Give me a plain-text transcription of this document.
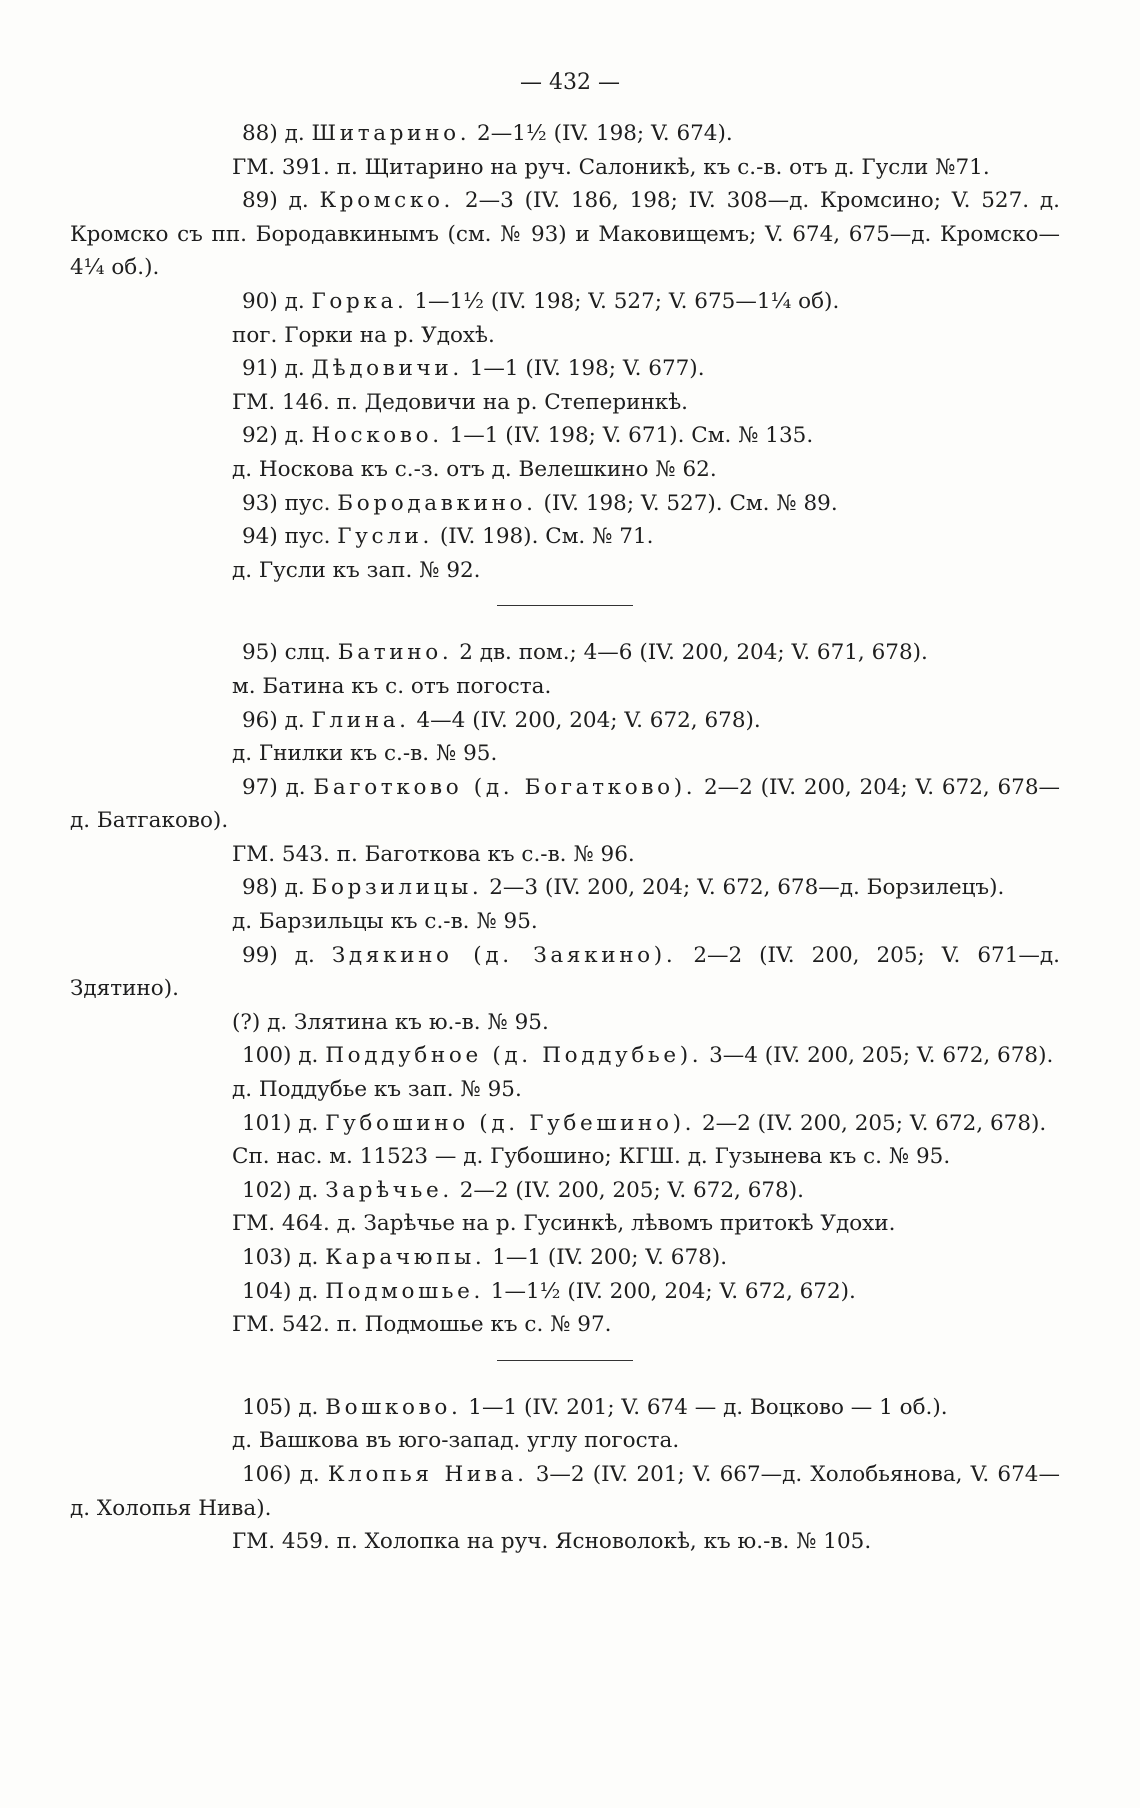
— 432 —

88) д. Шитарино. 2—1½ (IV. 198; V. 674).

ГМ. 391. п. Щитарино на руч. Салоникѣ, къ с.-в. отъ д. Гусли №71.

89) д. Кромско. 2—3 (IV. 186, 198; IV. 308—д. Кромсино; V. 527. д. Кромско съ пп. Бородавкинымъ (см. № 93) и Маковищемъ; V. 674, 675—д. Кромско—4¼ об.).

90) д. Горка. 1—1½ (IV. 198; V. 527; V. 675—1¼ об).

пог. Горки на р. Удохѣ.

91) д. Дѣдовичи. 1—1 (IV. 198; V. 677).

ГМ. 146. п. Дедовичи на р. Степеринкѣ.

92) д. Носково. 1—1 (IV. 198; V. 671). См. № 135.

д. Носкова къ с.-з. отъ д. Велешкино № 62.

93) пус. Бородавкино. (IV. 198; V. 527). См. № 89.

94) пус. Гусли. (IV. 198). См. № 71.

д. Гусли къ зап. № 92.

95) слц. Батино. 2 дв. пом.; 4—6 (IV. 200, 204; V. 671, 678).

м. Батина къ с. отъ погоста.

96) д. Глина. 4—4 (IV. 200, 204; V. 672, 678).

д. Гнилки къ с.-в. № 95.

97) д. Баготково (д. Богатково). 2—2 (IV. 200, 204; V. 672, 678—д. Батгаково).

ГМ. 543. п. Баготкова къ с.-в. № 96.

98) д. Борзилицы. 2—3 (IV. 200, 204; V. 672, 678—д. Борзилецъ).

д. Барзильцы къ с.-в. № 95.

99) д. Здякино (д. Заякино). 2—2 (IV. 200, 205; V. 671—д. Здятино).

(?) д. Злятина къ ю.-в. № 95.

100) д. Поддубное (д. Поддубье). 3—4 (IV. 200, 205; V. 672, 678).

д. Поддубье къ зап. № 95.

101) д. Губошино (д. Губешино). 2—2 (IV. 200, 205; V. 672, 678).

Сп. нас. м. 11523 — д. Губошино; КГШ. д. Гузынева къ с. № 95.

102) д. Зарѣчье. 2—2 (IV. 200, 205; V. 672, 678).

ГМ. 464. д. Зарѣчье на р. Гусинкѣ, лѣвомъ притокѣ Удохи.

103) д. Карачюпы. 1—1 (IV. 200; V. 678).

104) д. Подмошье. 1—1½ (IV. 200, 204; V. 672, 672).

ГМ. 542. п. Подмошье къ с. № 97.

105) д. Вошково. 1—1 (IV. 201; V. 674 — д. Воцково — 1 об.).

д. Вашкова въ юго-запад. углу погоста.

106) д. Клопья Нива. 3—2 (IV. 201; V. 667—д. Холобьянова, V. 674—д. Холопья Нива).

ГМ. 459. п. Холопка на руч. Ясноволокѣ, къ ю.-в. № 105.
